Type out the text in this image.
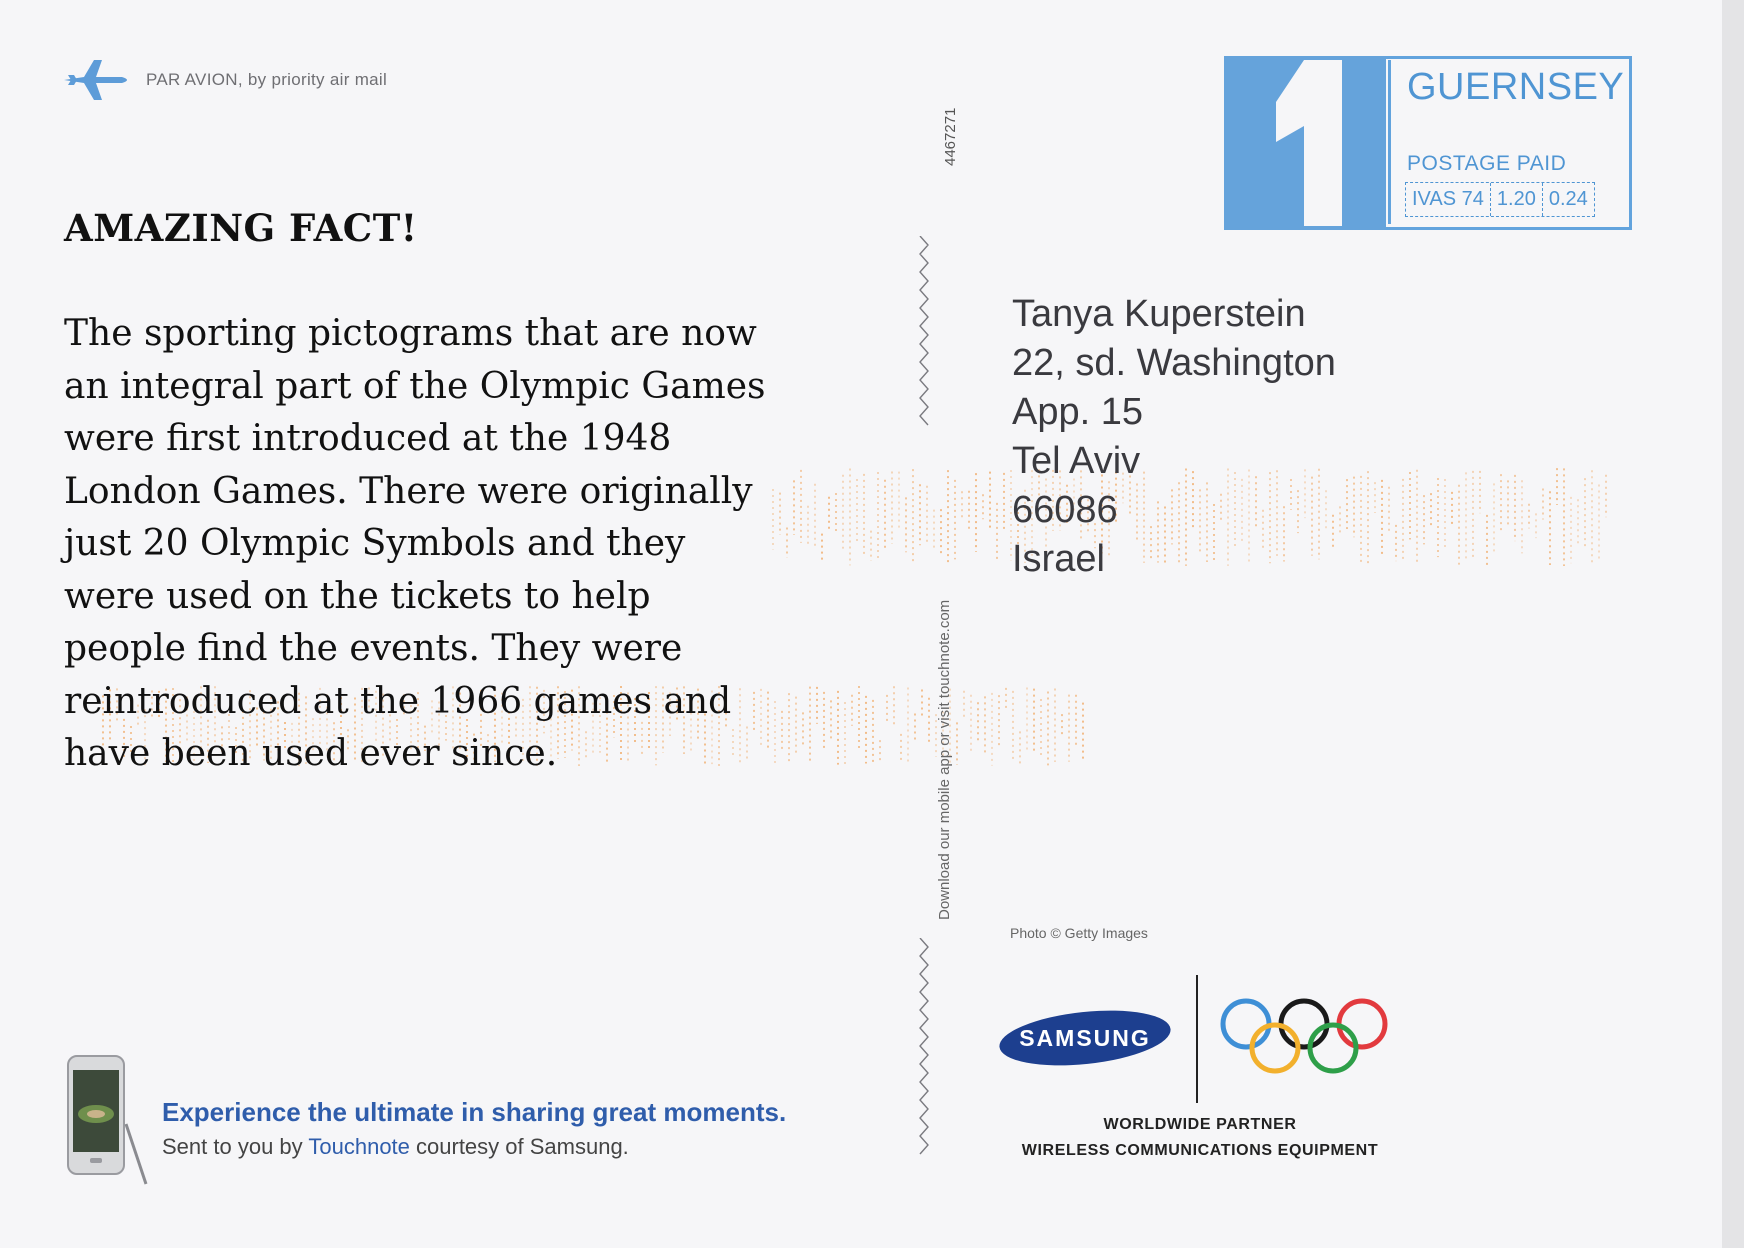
PAR AVION, by priority air mail
AMAZING FACT!
The sporting pictograms that are now
an integral part of the Olympic Games
were first introduced at the 1948
London Games. There were originally
just 20 Olympic Symbols and they
were used on the tickets to help
people find the events. They were
reintroduced at the 1966 games and
have been used ever since.
4467271
Download our mobile app or visit touchnote.com
GUERNSEY
POSTAGE PAID
IVAS 74 1.20 0.24
Tanya Kuperstein
22, sd. Washington
App. 15
Tel Aviv
66086
Israel
Photo © Getty Images
SAMSUNG
WORLDWIDE PARTNER
WIRELESS COMMUNICATIONS EQUIPMENT
Experience the ultimate in sharing great moments.
Sent to you by Touchnote courtesy of Samsung.
